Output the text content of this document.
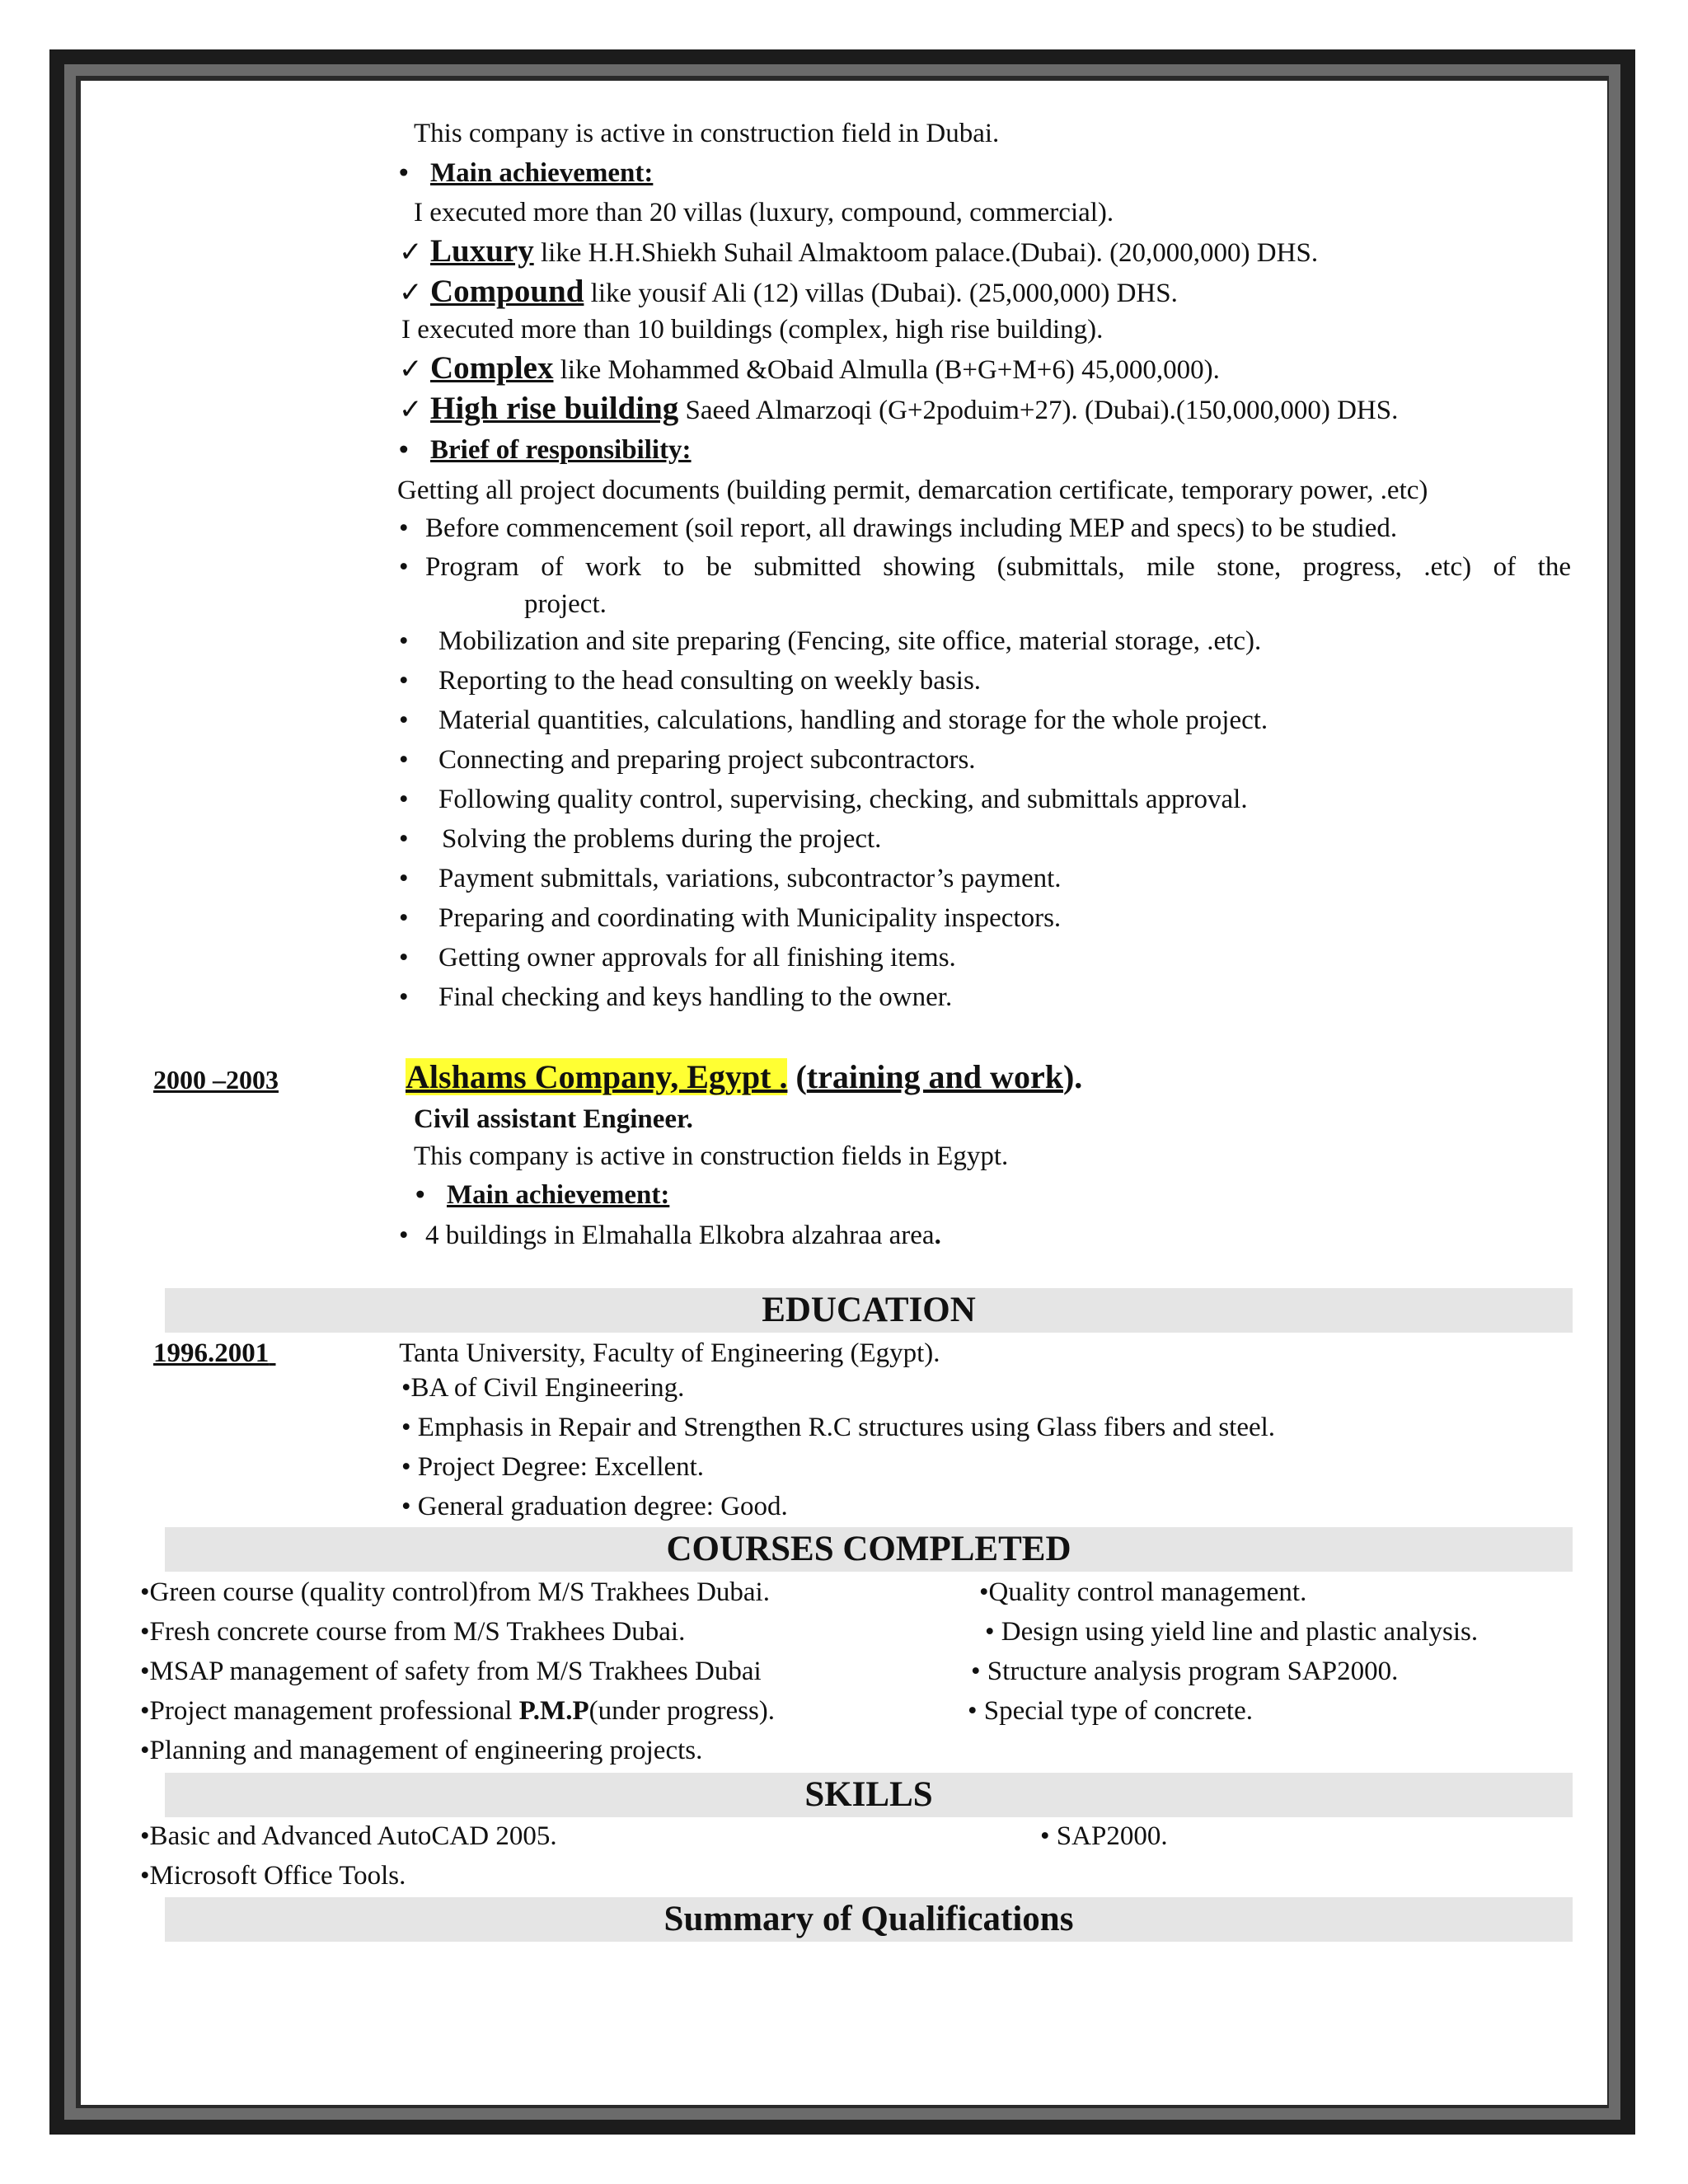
This company is active in construction field in Dubai.
• Main achievement:
I executed more than 20 villas (luxury, compound, commercial).
✓ Luxury like H.H.Shiekh Suhail Almaktoom palace.(Dubai). (20,000,000) DHS.
✓ Compound like yousif Ali (12) villas (Dubai). (25,000,000) DHS.
I executed more than 10 buildings (complex, high rise building).
✓ Complex like Mohammed &Obaid Almulla (B+G+M+6) 45,000,000).
✓ High rise building Saeed Almarzoqi (G+2poduim+27). (Dubai).(150,000,000) DHS.
• Brief of responsibility:
Getting all project documents (building permit, demarcation certificate, temporary power, .etc)
• Before commencement (soil report, all drawings including MEP and specs) to be studied.
• Program of work to be submitted showing (submittals, mile stone, progress, .etc) of the
project.
• Mobilization and site preparing (Fencing, site office, material storage, .etc).
• Reporting to the head consulting on weekly basis.
• Material quantities, calculations, handling and storage for the whole project.
• Connecting and preparing project subcontractors.
• Following quality control, supervising, checking, and submittals approval.
• Solving the problems during the project.
• Payment submittals, variations, subcontractor’s payment.
• Preparing and coordinating with Municipality inspectors.
• Getting owner approvals for all finishing items.
• Final checking and keys handling to the owner.
2000 –2003	Alshams Company, Egypt . (training and work).
Civil assistant Engineer.
This company is active in construction fields in Egypt.
• Main achievement:
• 4 buildings in Elmahalla Elkobra alzahraa area.
EDUCATION
1996.2001	Tanta University, Faculty of Engineering (Egypt).
•BA of Civil Engineering.
• Emphasis in Repair and Strengthen R.C structures using Glass fibers and steel.
• Project Degree: Excellent.
• General graduation degree: Good.
COURSES COMPLETED
•Green course (quality control)from M/S Trakhees Dubai.
•Fresh concrete course from M/S Trakhees Dubai.
•MSAP management of safety from M/S Trakhees Dubai
•Project management professional P.M.P(under progress).
•Planning and management of engineering projects.
•Quality control management.
• Design using yield line and plastic analysis.
• Structure analysis program SAP2000.
• Special type of concrete.
SKILLS
•Basic and Advanced AutoCAD 2005.
•Microsoft Office Tools.
• SAP2000.
Summary of Qualifications
